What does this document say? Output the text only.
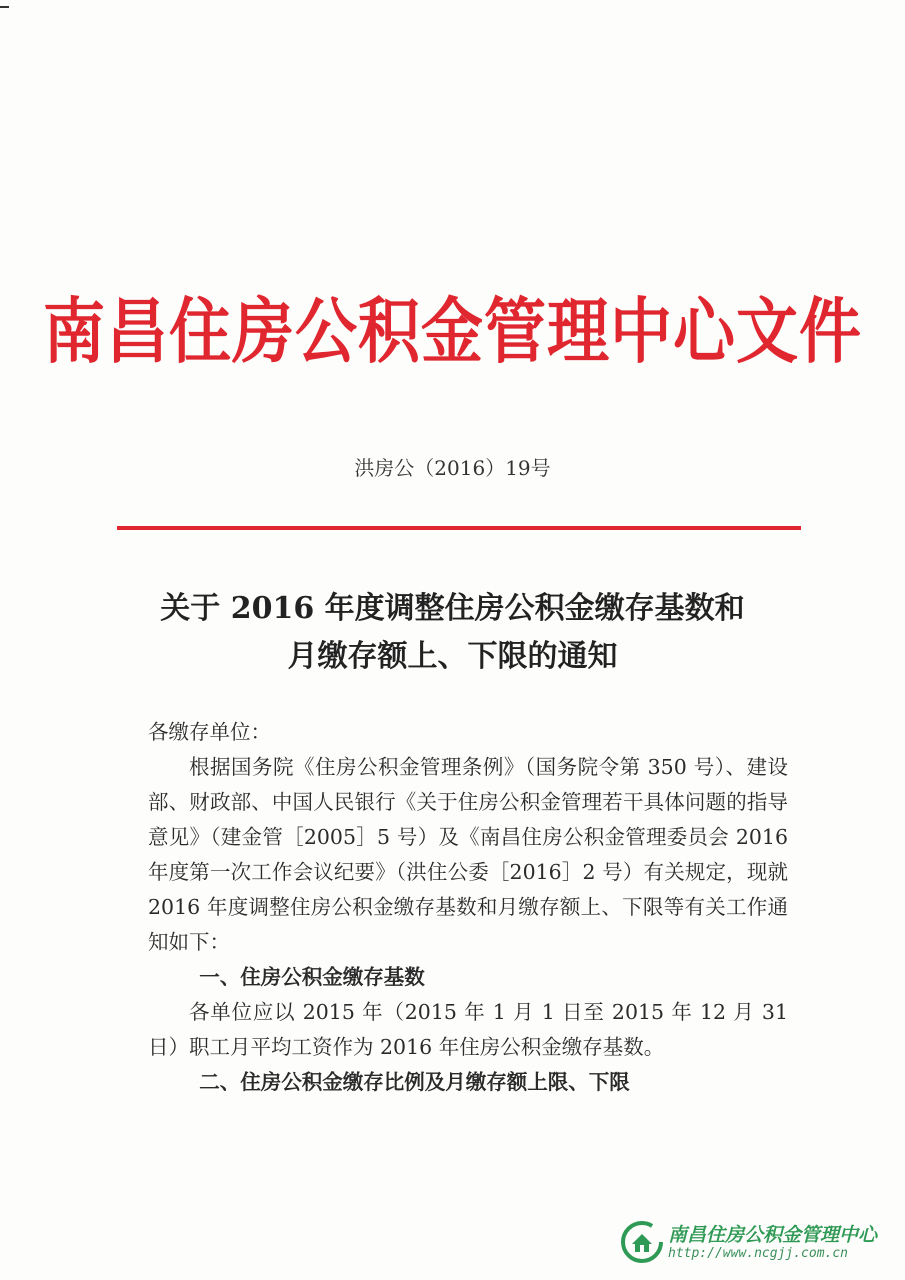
南昌住房公积金管理中心文件
洪房公（2016）19号
关于 2016 年度调整住房公积金缴存基数和
月缴存额上、下限的通知

各缴存单位：

根据国务院《住房公积金管理条例》（国务院令第 350 号）、建设部、财政部、中国人民银行《关于住房公积金管理若干具体问题的指导意见》（建金管［2005］5 号）及《南昌住房公积金管理委员会 2016 年度第一次工作会议纪要》（洪住公委［2016］2 号）有关规定，现就 2016 年度调整住房公积金缴存基数和月缴存额上、下限等有关工作通知如下：

一、住房公积金缴存基数

各单位应以 2015 年（2015 年 1 月 1 日至 2015 年 12 月 31 日）职工月平均工资作为 2016 年住房公积金缴存基数。

二、住房公积金缴存比例及月缴存额上限、下限

南昌住房公积金管理中心
http://www.ncgjj.com.cn
